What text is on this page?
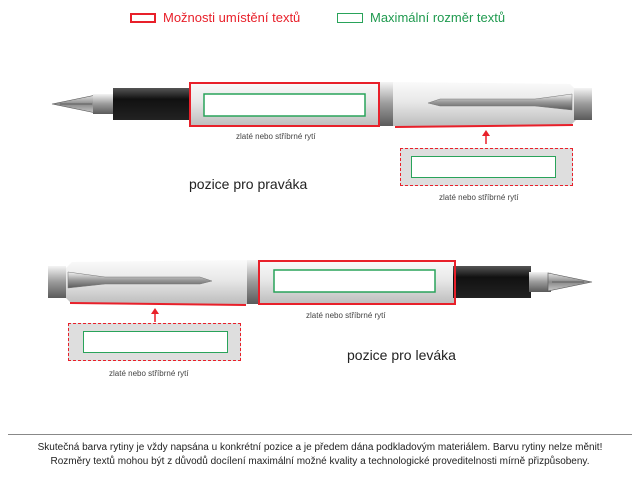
Možnosti umístění textů	Maximální rozměr textů
zlaté nebo stříbrné rytí
zlaté nebo stříbrné rytí
pozice pro praváka
zlaté nebo stříbrné rytí
zlaté nebo stříbrné rytí
pozice pro leváka
Skutečná barva rytiny je vždy napsána u konkrétní pozice a je předem dána podkladovým materiálem. Barvu rytiny nelze měnit!
Rozměry textů mohou být z důvodů docílení maximální možné kvality a technologické proveditelnosti mírně přizpůsobeny.
